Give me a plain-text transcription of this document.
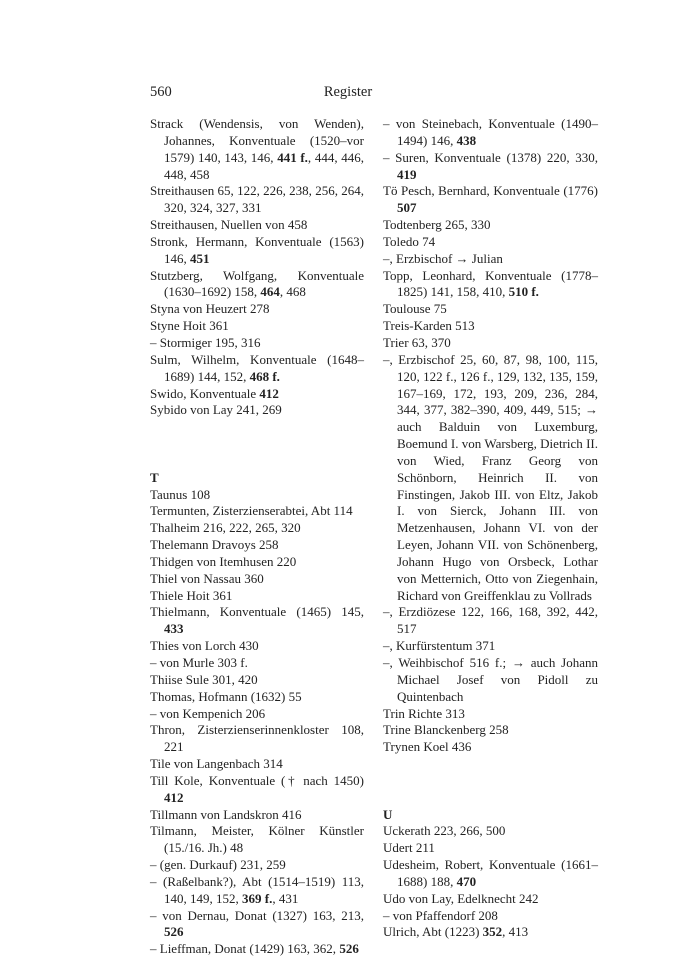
560	Register
Strack (Wendensis, von Wenden), Johannes, Konventuale (1520–vor 1579) 140, 143, 146, 441 f., 444, 446, 448, 458
Streithausen 65, 122, 226, 238, 256, 264, 320, 324, 327, 331
Streithausen, Nuellen von 458
Stronk, Hermann, Konventuale (1563) 146, 451
Stutzberg, Wolfgang, Konventuale (1630–1692) 158, 464, 468
Styna von Heuzert 278
Styne Hoit 361
– Stormiger 195, 316
Sulm, Wilhelm, Konventuale (1648–1689) 144, 152, 468 f.
Swido, Konventuale 412
Sybido von Lay 241, 269
T
Taunus 108
Termunten, Zisterzienserabtei, Abt 114
Thalheim 216, 222, 265, 320
Thelemann Dravoys 258
Thidgen von Itemhusen 220
Thiel von Nassau 360
Thiele Hoit 361
Thielmann, Konventuale (1465) 145, 433
Thies von Lorch 430
– von Murle 303 f.
Thiise Sule 301, 420
Thomas, Hofmann (1632) 55
– von Kempenich 206
Thron, Zisterzienserinnenkloster 108, 221
Tile von Langenbach 314
Till Kole, Konventuale († nach 1450) 412
Tillmann von Landskron 416
Tilmann, Meister, Kölner Künstler (15./16. Jh.) 48
– (gen. Durkauf) 231, 259
– (Raßelbank?), Abt (1514–1519) 113, 140, 149, 152, 369 f., 431
– von Dernau, Donat (1327) 163, 213, 526
– Lieffman, Donat (1429) 163, 362, 526
– von Steinebach, Konventuale (1490–1494) 146, 438
– Suren, Konventuale (1378) 220, 330, 419
Tö Pesch, Bernhard, Konventuale (1776) 507
Todtenberg 265, 330
Toledo 74
–, Erzbischof → Julian
Topp, Leonhard, Konventuale (1778–1825) 141, 158, 410, 510 f.
Toulouse 75
Treis-Karden 513
Trier 63, 370
–, Erzbischof 25, 60, 87, 98, 100, 115, 120, 122 f., 126 f., 129, 132, 135, 159, 167–169, 172, 193, 209, 236, 284, 344, 377, 382–390, 409, 449, 515; → auch Balduin von Luxemburg, Boemund I. von Warsberg, Dietrich II. von Wied, Franz Georg von Schönborn, Heinrich II. von Finstingen, Jakob III. von Eltz, Jakob I. von Sierck, Johann III. von Metzenhausen, Johann VI. von der Leyen, Johann VII. von Schönenberg, Johann Hugo von Orsbeck, Lothar von Metternich, Otto von Ziegenhain, Richard von Greiffenklau zu Vollrads
–, Erzdiözese 122, 166, 168, 392, 442, 517
–, Kurfürstentum 371
–, Weihbischof 516 f.; → auch Johann Michael Josef von Pidoll zu Quintenbach
Trin Richte 313
Trine Blanckenberg 258
Trynen Koel 436
U
Uckerath 223, 266, 500
Udert 211
Udesheim, Robert, Konventuale (1661–1688) 188, 470
Udo von Lay, Edelknecht 242
– von Pfaffendorf 208
Ulrich, Abt (1223) 352, 413
